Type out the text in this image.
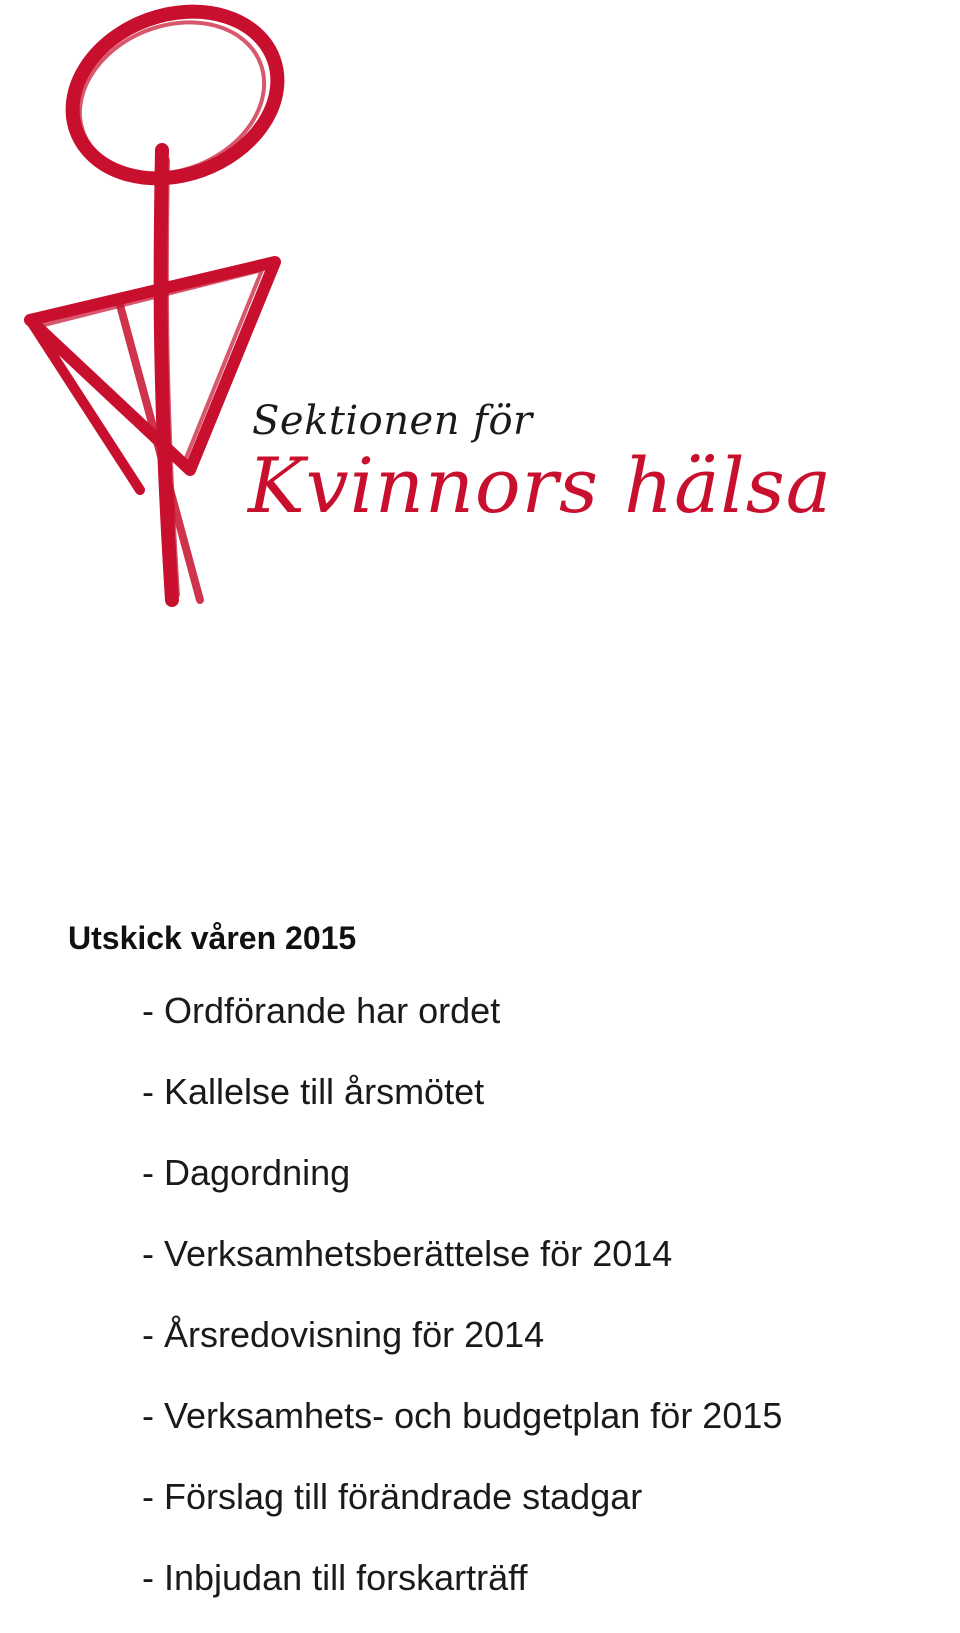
Sektionen för
Kvinnors hälsa
Utskick våren 2015
- Ordförande har ordet
- Kallelse till årsmötet
- Dagordning
- Verksamhetsberättelse för 2014
- Årsredovisning för 2014
- Verksamhets- och budgetplan för 2015
- Förslag till förändrade stadgar
- Inbjudan till forskarträff
